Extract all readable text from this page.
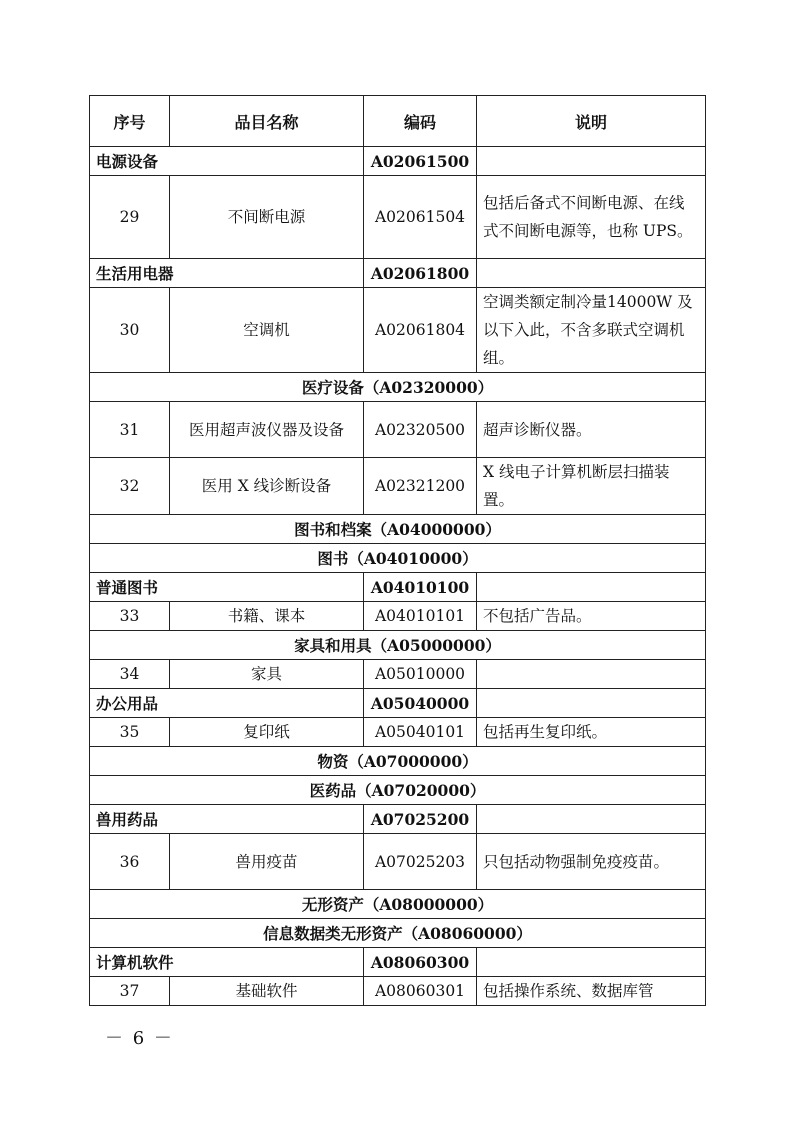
序号	品目名称	编码	说明
电源设备		A02061500	
29	不间断电源	A02061504	包括后备式不间断电源、在线式不间断电源等，也称 UPS。
生活用电器		A02061800	
30	空调机	A02061804	空调类额定制冷量14000W 及以下入此，不含多联式空调机组。
医疗设备（A02320000）			
31	医用超声波仪器及设备	A02320500	超声诊断仪器。
32	医用 X 线诊断设备	A02321200	X 线电子计算机断层扫描装置。
图书和档案（A04000000）			
图书（A04010000）			
普通图书		A04010100	
33	书籍、课本	A04010101	不包括广告品。
家具和用具（A05000000）			
34	家具	A05010000	
办公用品		A05040000	
35	复印纸	A05040101	包括再生复印纸。
物资（A07000000）			
医药品（A07020000）			
兽用药品		A07025200	
36	兽用疫苗	A07025203	只包括动物强制免疫疫苗。
无形资产（A08000000）			
信息数据类无形资产（A08060000）			
计算机软件		A08060300	
37	基础软件	A08060301	包括操作系统、数据库管
－ 6 －
